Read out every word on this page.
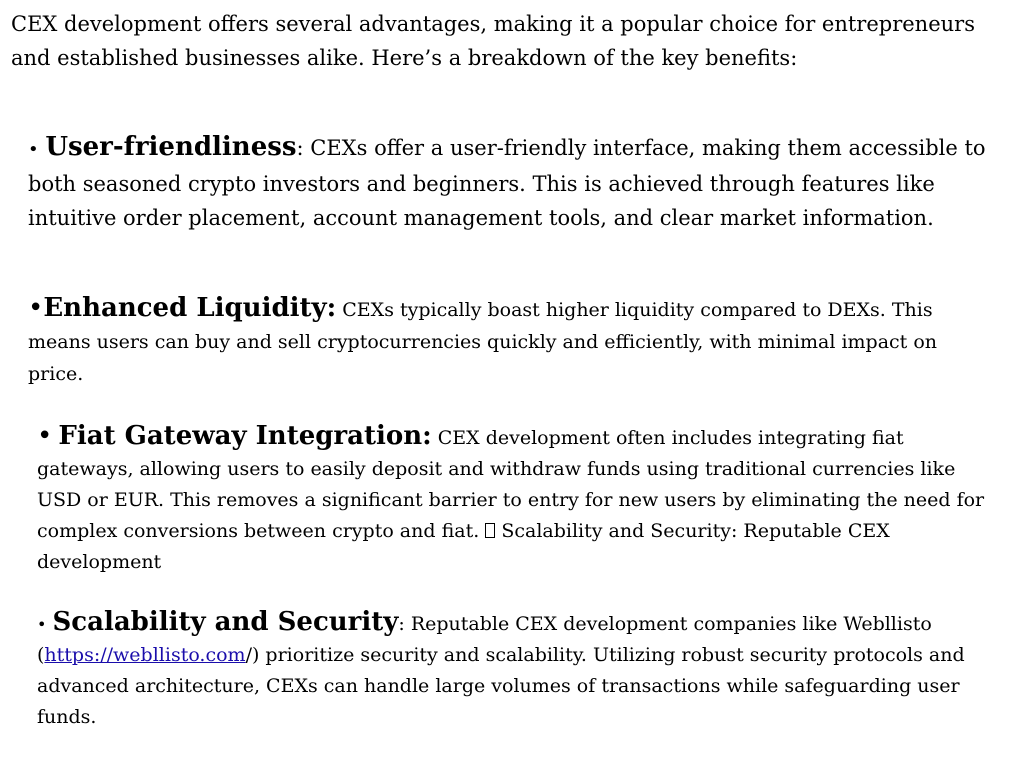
CEX development offers several advantages, making it a popular choice for entrepreneurs and established businesses alike. Here’s a breakdown of the key benefits:

• User-friendliness: CEXs offer a user-friendly interface, making them accessible to both seasoned crypto investors and beginners. This is achieved through features like intuitive order placement, account management tools, and clear market information.

•Enhanced Liquidity: CEXs typically boast higher liquidity compared to DEXs. This means users can buy and sell cryptocurrencies quickly and efficiently, with minimal impact on price.

• Fiat Gateway Integration: CEX development often includes integrating fiat gateways, allowing users to easily deposit and withdraw funds using traditional currencies like USD or EUR. This removes a significant barrier to entry for new users by eliminating the need for complex conversions between crypto and fiat.  Scalability and Security: Reputable CEX development

• Scalability and Security: Reputable CEX development companies like Webllisto (https://webllisto.com/) prioritize security and scalability. Utilizing robust security protocols and advanced architecture, CEXs can handle large volumes of transactions while safeguarding user funds.
